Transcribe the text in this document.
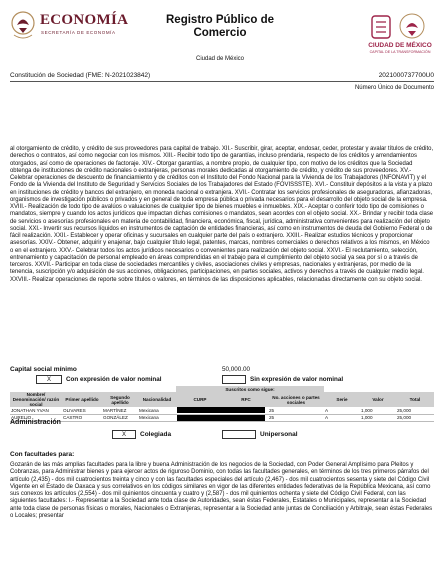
ECONOMÍA
SECRETARÍA DE ECONOMÍA
Registro Público de Comercio
Ciudad de México
CIUDAD DE MÉXICO
CAPITAL DE LA TRANSFORMACIÓN
Constitución de Sociedad (FME: N-2021023842)	2021000737700U0
Número Único de Documento
al otorgamiento de crédito, y crédito de sus proveedores para capital de trabajo. XII.- Suscribir, girar, aceptar, endosar, ceder, protestar y avalar títulos de crédito, derechos o contratos, así como negociar con los mismos. XIII.- Recibir todo tipo de garantías, incluso prendaria, respecto de los créditos y arrendamientos otorgados, así como de operaciones de factoraje. XIV.- Otorgar garantías, a nombre propio, de cualquier tipo, con motivo de los créditos que la Sociedad obtenga de instituciones de crédito nacionales o extranjeras, personas morales dedicadas al otorgamiento de crédito, y crédito de sus proveedores. XV.- Celebrar operaciones de descuento de financiamiento y de créditos con el Instituto del Fondo Nacional para la Vivienda de los Trabajadores (INFONAVIT) y el Fondo de la Vivienda del Instituto de Seguridad y Servicios Sociales de los Trabajadores del Estado (FOVISSSTE). XVI.- Constituir depósitos a la vista y a plazo en instituciones de crédito y bancos del extranjero, en moneda nacional o extranjera. XVII.- Contratar los servicios profesionales de aseguradoras, afianzadoras, organismos de investigación públicos o privados y en general de toda empresa pública o privada necesarios para el desarrollo del objeto social de la empresa. XVIII.- Realización de todo tipo de avalúos o valuaciones de cualquier tipo de bienes muebles e inmuebles. XIX.- Aceptar o conferir todo tipo de comisiones o mandatos, siempre y cuando los actos jurídicos que impactan dichas comisiones o mandatos, sean acordes con el objeto social. XX.- Brindar y recibir toda clase de servicios o asesorías profesionales en materia de contabilidad, financiera, económica, fiscal, jurídica, administrativa convenientes para realización del objeto social. XXI.- Invertir sus recursos líquidos en instrumentos de captación de entidades financieras, así como en instrumentos de deuda del Gobierno Federal o de fácil realización. XXII.- Establecer y operar oficinas y sucursales en cualquier parte del país o extranjero. XXIII.- Realizar estudios técnicos y proporcionar asesorías. XXIV.- Obtener, adquirir y enajenar, bajo cualquier título legal, patentes, marcas, nombres comerciales o derechos relativos a los mismos, en México o en el extranjero. XXV.- Celebrar todos los actos jurídicos necesarios o convenientes para realización del objeto social. XXVI.- El reclutamiento, selección, entrenamiento y capacitación de personal empleado en áreas comprendidas en el trabajo para el cumplimiento del objeto social ya sea por sí o a través de terceros. XXVII.- Participar en toda clase de sociedades mercantiles y civiles, asociaciones civiles y empresas, nacionales y extranjeras, por medio de la tenencia, suscripción y/o adquisición de sus acciones, obligaciones, participaciones, en partes sociales, activos y derechos a través de cualquier medio legal. XXVIII.- Realizar operaciones de reporte sobre títulos o valores, en términos de las disposiciones aplicables, relacionadas directamente con su objeto social.
Capital social mínimo	50,000.00
X	Con expresión de valor nominal	Sin expresión de valor nominal
				Suscritos como sigue:					
Nombre/ Denominación/ razón social	Primer apellido	Segundo apellido	Nacionalidad	CURP	RFC	No. acciones o partes sociales	Serie	Valor	Total
JONATHAN YVAN	OLIVARES	MARTÍNEZ	Mexicana			25	A	1,000	25,000
AURELIO	CASTRO	GONZÁLEZ	Mexicana			25	A	1,000	25,000
Administración
X	Colegiada	Unipersonal
Con facultades para:
Gozarán de las más amplias facultades para la libre y buena Administración de los negocios de la Sociedad, con Poder General Amplísimo para Pleitos y Cobranzas, para Administrar bienes y para ejercer actos de riguroso Dominio, con todas las facultades generales, en términos de los tres primeros párrafos del artículo (2,435) - dos mil cuatrocientos treinta y cinco y con las facultades especiales del artículo (2,467) - dos mil cuatrocientos sesenta y siete del Código Civil Vigente en el Estado de Oaxaca y sus correlativos en los códigos similares en vigor de las diferentes entidades federativas de la República Mexicana, así como sus conexos los artículos (2,554) - dos mil quinientos cincuenta y cuatro y (2,587) - dos mil quinientos ochenta y siete del Código Civil Federal, con las siguientes facultades: I.- Representar a la Sociedad ante toda clase de Autoridades, sean éstas Federales, Estatales o Municipales, representar a la Sociedad ante toda clase de personas físicas o morales, Nacionales o Extranjeras, representar a la Sociedad ante juntas de Conciliación y Arbitraje, sean éstas Federales o Locales; presentar
